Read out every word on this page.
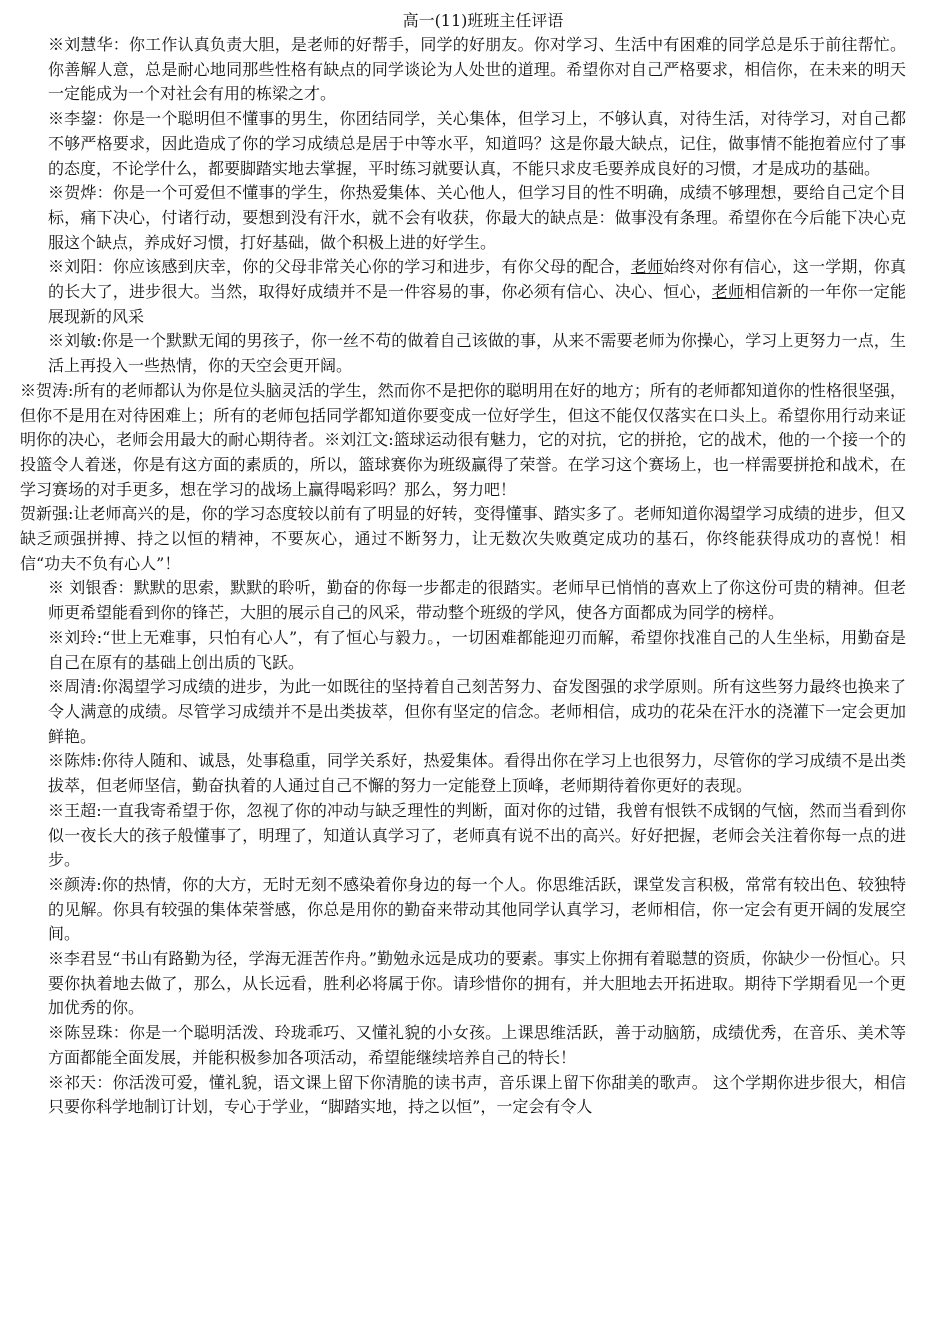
高一(11)班班主任评语

※刘慧华：你工作认真负责大胆，是老师的好帮手，同学的好朋友。你对学习、生活中有困难的同学总是乐于前往帮忙。你善解人意，总是耐心地同那些性格有缺点的同学谈论为人处世的道理。希望你对自己严格要求，相信你，在未来的明天一定能成为一个对社会有用的栋梁之才。

※李鋆：你是一个聪明但不懂事的男生，你团结同学，关心集体，但学习上，不够认真，对待生活，对待学习，对自己都不够严格要求，因此造成了你的学习成绩总是居于中等水平，知道吗？这是你最大缺点，记住，做事情不能抱着应付了事的态度，不论学什么，都要脚踏实地去掌握，平时练习就要认真，不能只求皮毛要养成良好的习惯，才是成功的基础。

※贺烨：你是一个可爱但不懂事的学生，你热爱集体、关心他人，但学习目的性不明确，成绩不够理想，要给自己定个目标，痛下决心，付诸行动，要想到没有汗水，就不会有收获，你最大的缺点是：做事没有条理。希望你在今后能下决心克服这个缺点，养成好习惯，打好基础，做个积极上进的好学生。

※刘阳：你应该感到庆幸，你的父母非常关心你的学习和进步，有你父母的配合，老师始终对你有信心，这一学期，你真的长大了，进步很大。当然，取得好成绩并不是一件容易的事，你必须有信心、决心、恒心，老师相信新的一年你一定能展现新的风采

※刘敏:你是一个默默无闻的男孩子，你一丝不苟的做着自己该做的事，从来不需要老师为你操心，学习上更努力一点，生活上再投入一些热情，你的天空会更开阔。

※贺涛:所有的老师都认为你是位头脑灵活的学生，然而你不是把你的聪明用在好的地方；所有的老师都知道你的性格很坚强，但你不是用在对待困难上；所有的老师包括同学都知道你要变成一位好学生，但这不能仅仅落实在口头上。希望你用行动来证明你的决心，老师会用最大的耐心期待者。※刘江文:篮球运动很有魅力，它的对抗，它的拼抢，它的战术，他的一个接一个的投篮令人着迷，你是有这方面的素质的，所以，篮球赛你为班级赢得了荣誉。在学习这个赛场上，也一样需要拼抢和战术，在学习赛场的对手更多，想在学习的战场上赢得喝彩吗？那么，努力吧！

贺新强:让老师高兴的是，你的学习态度较以前有了明显的好转，变得懂事、踏实多了。老师知道你渴望学习成绩的进步，但又缺乏顽强拼搏、持之以恒的精神，不要灰心，通过不断努力，让无数次失败奠定成功的基石，你终能获得成功的喜悦！相信“功夫不负有心人”！

※ 刘银香：默默的思索，默默的聆听，勤奋的你每一步都走的很踏实。老师早已悄悄的喜欢上了你这份可贵的精神。但老师更希望能看到你的锋芒，大胆的展示自己的风采，带动整个班级的学风，使各方面都成为同学的榜样。

※刘玲:“世上无难事，只怕有心人”，有了恒心与毅力。，一切困难都能迎刃而解，希望你找准自己的人生坐标，用勤奋是自己在原有的基础上创出质的飞跃。

※周清:你渴望学习成绩的进步，为此一如既往的坚持着自己刻苦努力、奋发图强的求学原则。所有这些努力最终也换来了令人满意的成绩。尽管学习成绩并不是出类拔萃，但你有坚定的信念。老师相信，成功的花朵在汗水的浇灌下一定会更加鲜艳。

※陈炜:你待人随和、诚恳，处事稳重，同学关系好，热爱集体。看得出你在学习上也很努力，尽管你的学习成绩不是出类拔萃，但老师坚信，勤奋执着的人通过自己不懈的努力一定能登上顶峰，老师期待着你更好的表现。

※王超:一直我寄希望于你，忽视了你的冲动与缺乏理性的判断，面对你的过错，我曾有恨铁不成钢的气恼，然而当看到你似一夜长大的孩子般懂事了，明理了，知道认真学习了，老师真有说不出的高兴。好好把握，老师会关注着你每一点的进步。

※颜涛:你的热情，你的大方，无时无刻不感染着你身边的每一个人。你思维活跃，课堂发言积极，常常有较出色、较独特的见解。你具有较强的集体荣誉感，你总是用你的勤奋来带动其他同学认真学习，老师相信，你一定会有更开阔的发展空间。

※李君昱“书山有路勤为径，学海无涯苦作舟。”勤勉永远是成功的要素。事实上你拥有着聪慧的资质，你缺少一份恒心。只要你执着地去做了，那么，从长远看，胜利必将属于你。请珍惜你的拥有，并大胆地去开拓进取。期待下学期看见一个更加优秀的你。

※陈昱珠：你是一个聪明活泼、玲珑乖巧、又懂礼貌的小女孩。上课思维活跃，善于动脑筋，成绩优秀，在音乐、美术等方面都能全面发展，并能积极参加各项活动，希望能继续培养自己的特长！

※祁天：你活泼可爱，懂礼貌，语文课上留下你清脆的读书声，音乐课上留下你甜美的歌声。 这个学期你进步很大，相信只要你科学地制订计划，专心于学业，“脚踏实地，持之以恒”，一定会有令人
